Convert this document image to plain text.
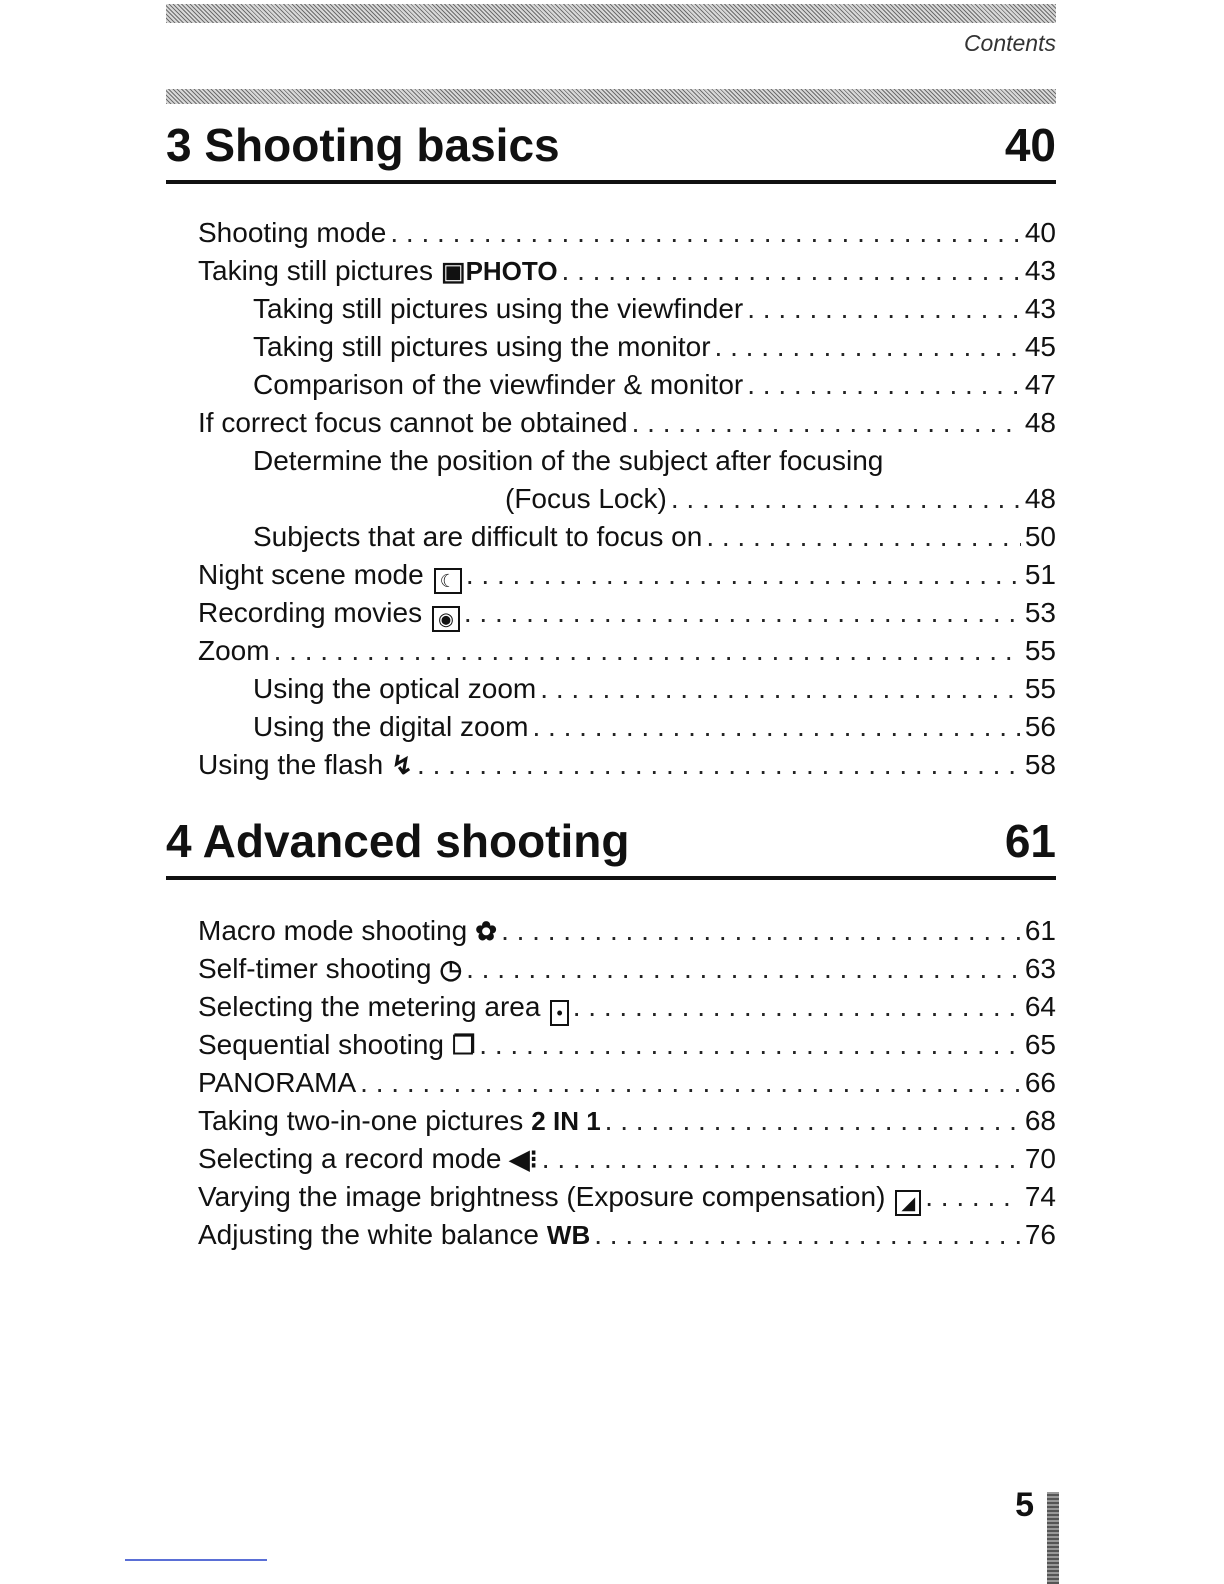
Contents
3 Shooting basics	40
Shooting mode . . .	40
Taking still pictures ▣PHOTO . . .	43
Taking still pictures using the viewfinder . . .	43
Taking still pictures using the monitor . . .	45
Comparison of the viewfinder & monitor . . .	47
If correct focus cannot be obtained . . .	48
Determine the position of the subject after focusing
(Focus Lock) . . .	48
Subjects that are difficult to focus on . . .	50
Night scene mode ☾ . . .	51
Recording movies ◉ . . .	53
Zoom . . .	55
Using the optical zoom . . .	55
Using the digital zoom . . .	56
Using the flash ↯ . . .	58
4 Advanced shooting	61
Macro mode shooting ✿ . . .	61
Self-timer shooting ◷ . . .	63
Selecting the metering area • . . .	64
Sequential shooting ❐ . . .	65
PANORAMA . . .	66
Taking two-in-one pictures 2 IN 1 . . .	68
Selecting a record mode ◀⁝ . . .	70
Varying the image brightness (Exposure compensation) ◢ . . .	74
Adjusting the white balance WB . . .	76
5
